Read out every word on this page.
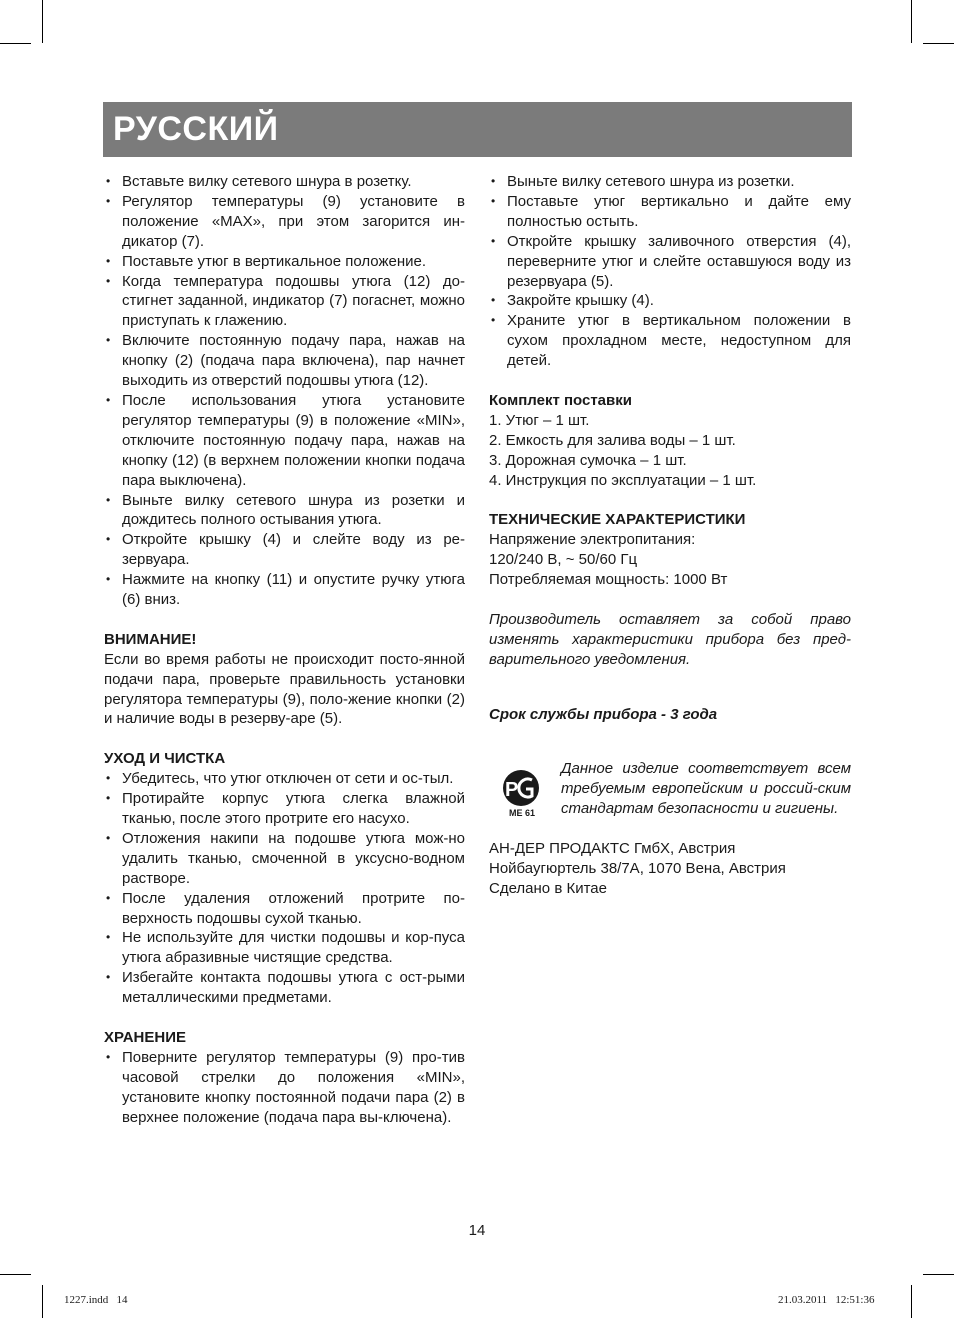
РУССКИЙ
• Вставьте вилку сетевого шнура в розетку.
• Регулятор температуры (9) установите в положение «MAX», при этом загорится ин-дикатор (7).
• Поставьте утюг в вертикальное положение.
• Когда температура подошвы утюга (12) до-стигнет заданной, индикатор (7) погаснет, можно приступать к глажению.
• Включите постоянную подачу пара, нажав на кнопку (2) (подача пара включена), пар начнет выходить из отверстий подошвы утюга (12).
• После использования утюга установите регулятор температуры (9) в положение «MIN», отключите постоянную подачу пара, нажав на кнопку (12) (в верхнем положении кнопки подача пара выключена).
• Выньте вилку сетевого шнура из розетки и дождитесь полного остывания утюга.
• Откройте крышку (4) и слейте воду из ре-зервуара.
• Нажмите на кнопку (11) и опустите ручку утюга (6) вниз.

ВНИМАНИЕ!

Если во время работы не происходит посто-янной подачи пара, проверьте правильность установки регулятора температуры (9), поло-жение кнопки (2) и наличие воды в резерву-аре (5).

УХОД И ЧИСТКА

• Убедитесь, что утюг отключен от сети и ос-тыл.
• Протирайте корпус утюга слегка влажной тканью, после этого протрите его насухо.
• Отложения накипи на подошве утюга мож-но удалить тканью, смоченной в уксусно-водном растворе.
• После удаления отложений протрите по-верхность подошвы сухой тканью.
• Не используйте для чистки подошвы и кор-пуса утюга абразивные чистящие средства.
• Избегайте контакта подошвы утюга с ост-рыми металлическими предметами.

ХРАНЕНИЕ

• Поверните регулятор температуры (9) про-тив часовой стрелки до положения «MIN», установите кнопку постоянной подачи пара (2) в верхнее положение (подача пара вы-ключена).
• Выньте вилку сетевого шнура из розетки.
• Поставьте утюг вертикально и дайте ему полностью остыть.
• Откройте крышку заливочного отверстия (4), переверните утюг и слейте оставшуюся воду из резервуара (5).
• Закройте крышку (4).
• Храните утюг в вертикальном положении в сухом прохладном месте, недоступном для детей.

Комплект поставки

1. Утюг – 1 шт.

2. Емкость для залива воды – 1 шт.

3. Дорожная сумочка – 1 шт.

4. Инструкция по эксплуатации – 1 шт.

ТЕХНИЧЕСКИЕ ХАРАКТЕРИСТИКИ

Напряжение электропитания:

120/240 В, ~ 50/60 Гц

Потребляемая мощность: 1000 Вт

Производитель оставляет за собой право изменять характеристики прибора без пред-варительного уведомления.

Срок службы прибора - 3 года

P
ME 61

Данное изделие соответствует всем требуемым европейским и россий-ским стандартам безопасности и гигиены.

АН-ДЕР ПРОДАКТС ГмбХ, Австрия

Нойбаугюртель 38/7А, 1070 Вена, Австрия

Сделано в Китае

14
1227.indd   14	21.03.2011   12:51:36
